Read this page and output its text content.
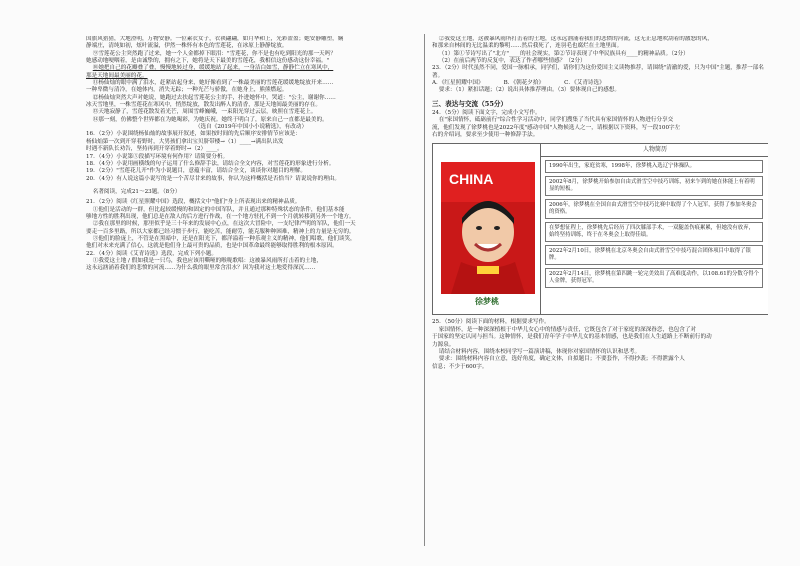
国旗风猎猎，大地澄明，万物安静。一位素衣女子，衣袂翩翩，如月华和上，光彩盈盈；她安静雕塑，娴

静端庄，清纯如初，炫叶流溢，伊然一株怀有本色的雪莲花，在冰原上静静绽放。

⑨雪莲花公主突然跑了过来，她一个人金都掉下眼泪："雪莲花，你不是也有吃到阳光的那一天吗？

她感动地哽咽着，是由诚挚的，拥有之下，她将是天下最美的雪莲花，我相信这份感动这份幸福。"

⑩她把自己的花瓣叠了叠，慢慢地转过身，缓缓地站了起来，一身洁白如雪，静静伫立在寒风中，

那是天地间最美丽的花。

⑪杨仙灿的眼中满了泪水，赶紧站起身来，她好像看到了一株最美丽的雪莲花缓缓地绽放开来……

一种卑微与清冷，在她体内，消失无踪；一种光芒与骄傲，在她身上，熊熊燃起。

⑫杨仙灿突然大声对她说，她跑过去扶起雪莲花公主的手，扑进她怀中，哭道："公主，谢谢你……

冰天雪地里，一株雪莲花在寒风中，悄然绽放，散发出醉人的清香，那是天地间最美丽的存在。

⑬天地寂静了，雪莲花散发着光芒，周围雪峰巍峨，一束阳光穿过云层，映照在雪莲花上。

⑭那一刻，仿佛整个世界都在为她喝彩，为她庆祝。她终于明白了，原来自己一直都是最美的。

（选自《2019年中国小小说精选》，有改动）

16．（2分）小说围绕杨仙灿的故事展开叙述，如果按时间的先后顺序安排情节应该是：

杨仙灿第一次到开穿着野时，大男孩们拿出宝贝脐带楼→（1）____→满出队出发

时遇不新队长劝告，坚持再到开穿着野时→（2）____。

17．（4分）小说第⑤段描写环境有何作用？请简要分析。

18．（4分）小说用画横线的句子运用了什么修辞手法，请结合全文内容，对雪莲花的形象进行分析。

19．（2分）"雪莲花儿开"作为小说题目，意蕴丰富，请结合全文，谈谈你对题目的理解。

20．（4分）有人说这篇小说写的是一个苦尽甘来的故事，你认为这样概括是否恰当？请说说你的理由。

名著阅读，完成21～23题。（8分）

21．（2分）阅读《红星照耀中国》选段，概括文中"他们"身上所表现出来的精神品质。

①他们是活动的一群，但比起较缓慢的和固定的中国军队，并且通过那种特殊状态的条件，他们基本能

够地方性的胜利出现，他们总是在敌人的后方进行作战，在一个地方驻扎不到一个月就转移到另外一个地方。

②我在那里的时候，那里似乎是三十年来的发展中心点，在这次大冒险中，一支纪律严明的军队，他们一天

要走一百多里路，所以大家都已经习惯于步行，能吃苦，能耐劳，能克服种种困难，精神上的力量是无穷的。

③他们的脸庞上，不管是在黑暗中，还是在阳光下，都洋溢着一种乐观主义的精神，他们唱歌，他们谈笑，

他们对未来充满了信心，这就是他们身上最可贵的品质，也是中国革命最终能够取得胜利的根本原因。

22．（4分）阅读《艾青诗选》选段，完成下列小题。

①我爱这土地 / 假如我是一只鸟，我也应该用嘶哑的喉咙歌唱：这被暴风雨所打击着的土地，

这永远汹涌着我们的悲愤的河流……为什么我的眼里常含泪水？因为我对这土地爱得深沉……

②我爱这土地，这被暴风雨所打击着的土地，这永远汹涌着我们的悲愤的河流，这无止息地吹刮着的激怒的风，

和那来自林间的无比温柔的黎明……然后我死了，连羽毛也腐烂在土地里面。

（1）第①节诗写出了"北方"____的社会现实，第②节诗表现了中华民族具有____的精神品质。（2分）

（2）在前后两节的反复中，表达了作者哪些情感？（2分）

23．（2分）时代虽然不同，爱国一脉相承，同学们，请你们为这份爱国主义读物推荐，请围绕"清澈的爱，只为中国"主题，推荐一部名著。

A．《红星照耀中国》	B．《朝花夕拾》	C．《艾青诗选》

要求：（1）紧扣话题；（2）说出具体推荐理由。（3）要体现自己的感想。

三、表达与交流（55分）

24．（5分）阅读下面文字，完成小文写作。

在"家国情怀，砥砺前行"综合性学习活动中，同学们搜集了当代具有家国情怀的人物进行分享交

流，他们发现了徐梦桃也是2022年度"感动中国"人物候选人之一，请根据以下资料，写一段100字左

右的介绍词，要求至少使用一种修辞手法。

人物简历
CHINA
徐梦桃
1990年出生，家庭贫寒，1998年，徐梦桃入选辽宁体操队。
2002年8月，徐梦桃开始参加自由式滑雪空中技巧训练，初来乍到的她在体能上有着明显的短板。
2006年，徐梦桃在全国自由式滑雪空中技巧比赛中取得了个人冠军，获得了参加冬奥会的资格。
在梦想征程上，徐梦桃先后经历了四次膝部手术，一双腿盖伤痕累累，但她没有放弃，始终坚持训练，终于在冬奥会上取得佳绩。
2022年2月10日，徐梦桃在北京冬奥会自由式滑雪空中技巧混合团体项目中取得了银牌。
2022年2月14日，徐梦桃在第四跳一轮完美效出了高难度动作，以108.61的分数夺得个人金牌，获得冠军。

25．（50分）阅读下面的材料，根据要求写作。

家国情怀，是一种深深植根于中华儿女心中的情感与责任，它既包含了对于家庭的深深眷恋，也包含了对

于国家的坚定认同与担当。这种情怀，是我们青年学子中华儿女的基本情感，也是我们在人生道路上不断前行的动

力源泉。

请结合材料内容，围绕本校同学写一篇演讲稿，体现你对家国情怀的认识和思考。

要求：围绕材料内容自立意，选好角度，确定文体，自拟题目；不要套作，不得抄袭；不得泄露个人

信息；不少于600字。
